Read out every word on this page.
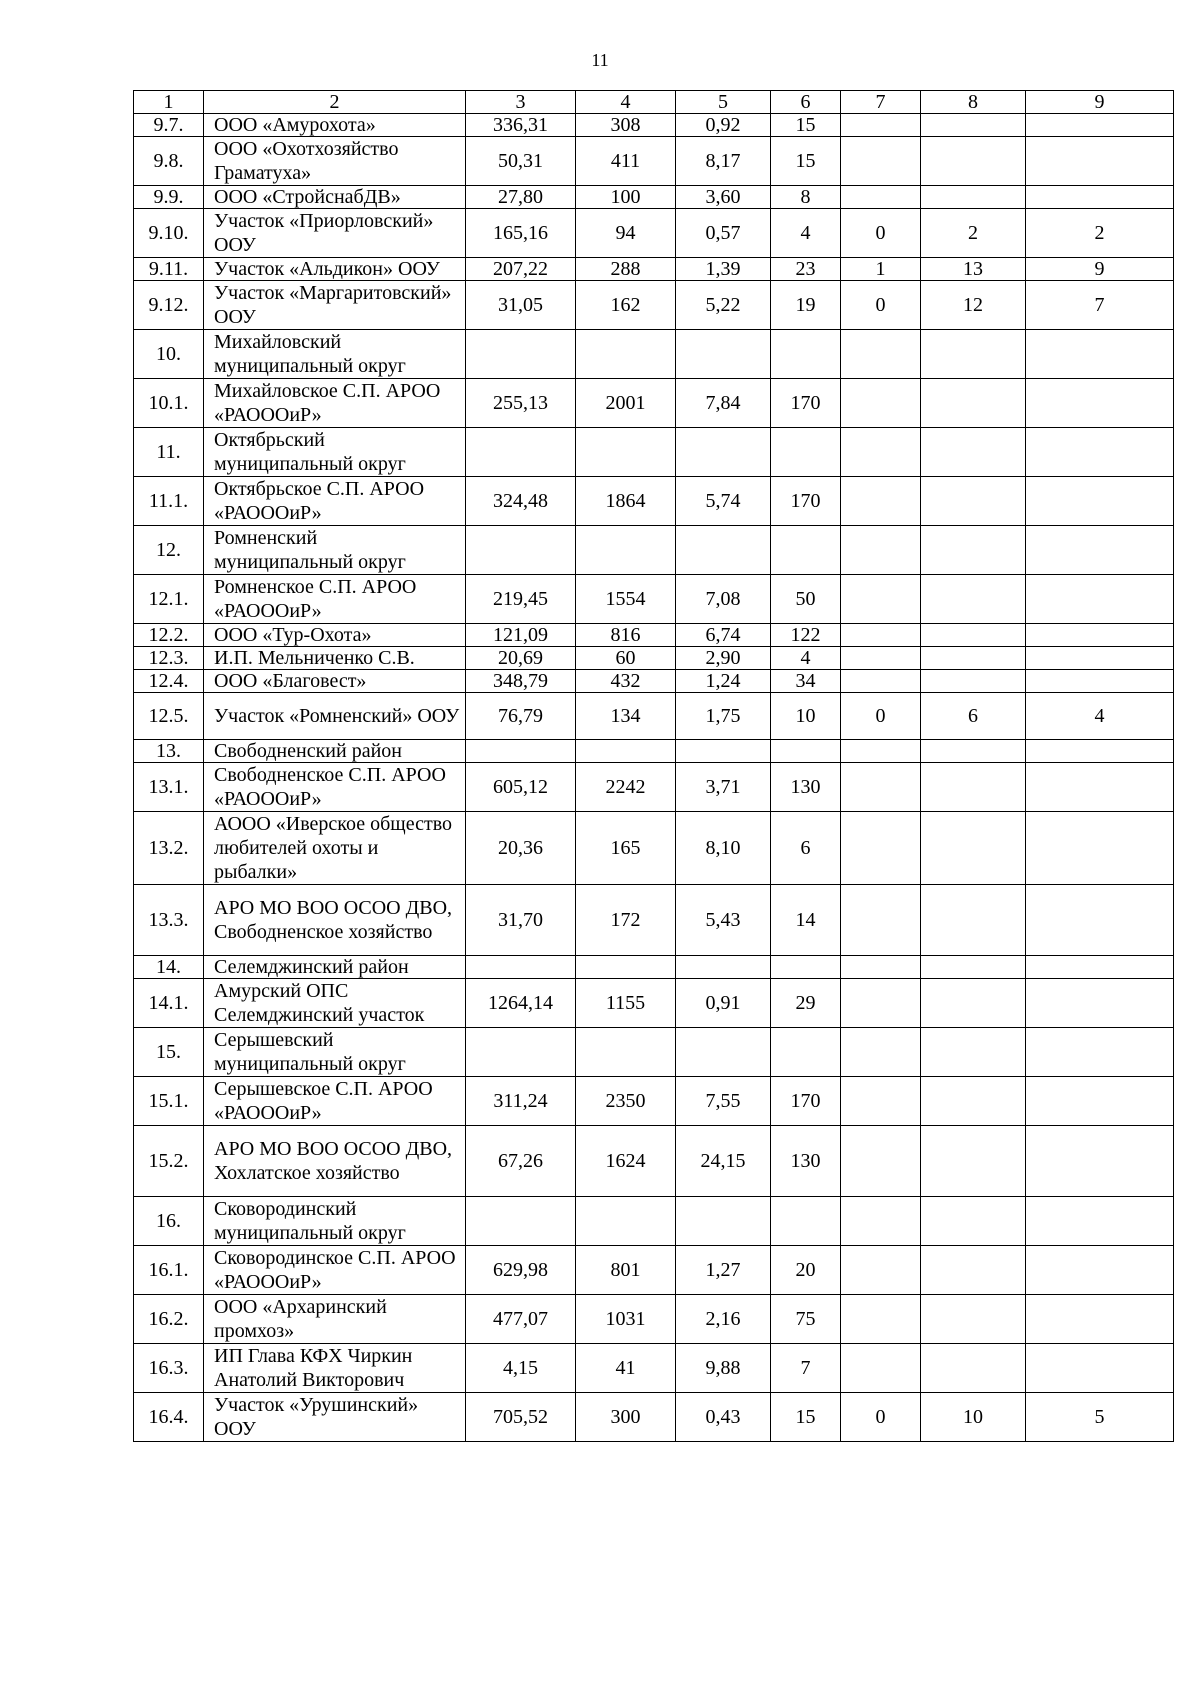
11
1	2	3	4	5	6	7	8	9
9.7.	ООО «Амурохота»	336,31	308	0,92	15			
9.8.	ООО «Охотхозяйство Граматуха»	50,31	411	8,17	15			
9.9.	ООО «СтройснабДВ»	27,80	100	3,60	8			
9.10.	Участок «Приорловский» ООУ	165,16	94	0,57	4	0	2	2
9.11.	Участок «Альдикон» ООУ	207,22	288	1,39	23	1	13	9
9.12.	Участок «Маргаритовский» ООУ	31,05	162	5,22	19	0	12	7
10.	Михайловский муниципальный округ							
10.1.	Михайловское С.П. АРОО «РАОООиР»	255,13	2001	7,84	170			
11.	Октябрьский муниципальный округ							
11.1.	Октябрьское С.П. АРОО «РАОООиР»	324,48	1864	5,74	170			
12.	Ромненский муниципальный округ							
12.1.	Ромненское С.П. АРОО «РАОООиР»	219,45	1554	7,08	50			
12.2.	ООО «Тур-Охота»	121,09	816	6,74	122			
12.3.	И.П. Мельниченко С.В.	20,69	60	2,90	4			
12.4.	ООО «Благовест»	348,79	432	1,24	34			
12.5.	Участок «Ромненский» ООУ	76,79	134	1,75	10	0	6	4
13.	Свободненский район							
13.1.	Свободненское С.П. АРОО «РАОООиР»	605,12	2242	3,71	130			
13.2.	АООО «Иверское общество любителей охоты и рыбалки»	20,36	165	8,10	6			
13.3.	АРО МО ВОО ОСОО ДВО, Свободненское хозяйство	31,70	172	5,43	14			
14.	Селемджинский район							
14.1.	Амурский ОПС Селемджинский участок	1264,14	1155	0,91	29			
15.	Серышевский муниципальный округ							
15.1.	Серышевское С.П. АРОО «РАОООиР»	311,24	2350	7,55	170			
15.2.	АРО МО ВОО ОСОО ДВО, Хохлатское хозяйство	67,26	1624	24,15	130			
16.	Сковородинский муниципальный округ							
16.1.	Сковородинское С.П. АРОО «РАОООиР»	629,98	801	1,27	20			
16.2.	ООО «Архаринский промхоз»	477,07	1031	2,16	75			
16.3.	ИП Глава КФХ Чиркин Анатолий Викторович	4,15	41	9,88	7			
16.4.	Участок «Урушинский» ООУ	705,52	300	0,43	15	0	10	5
